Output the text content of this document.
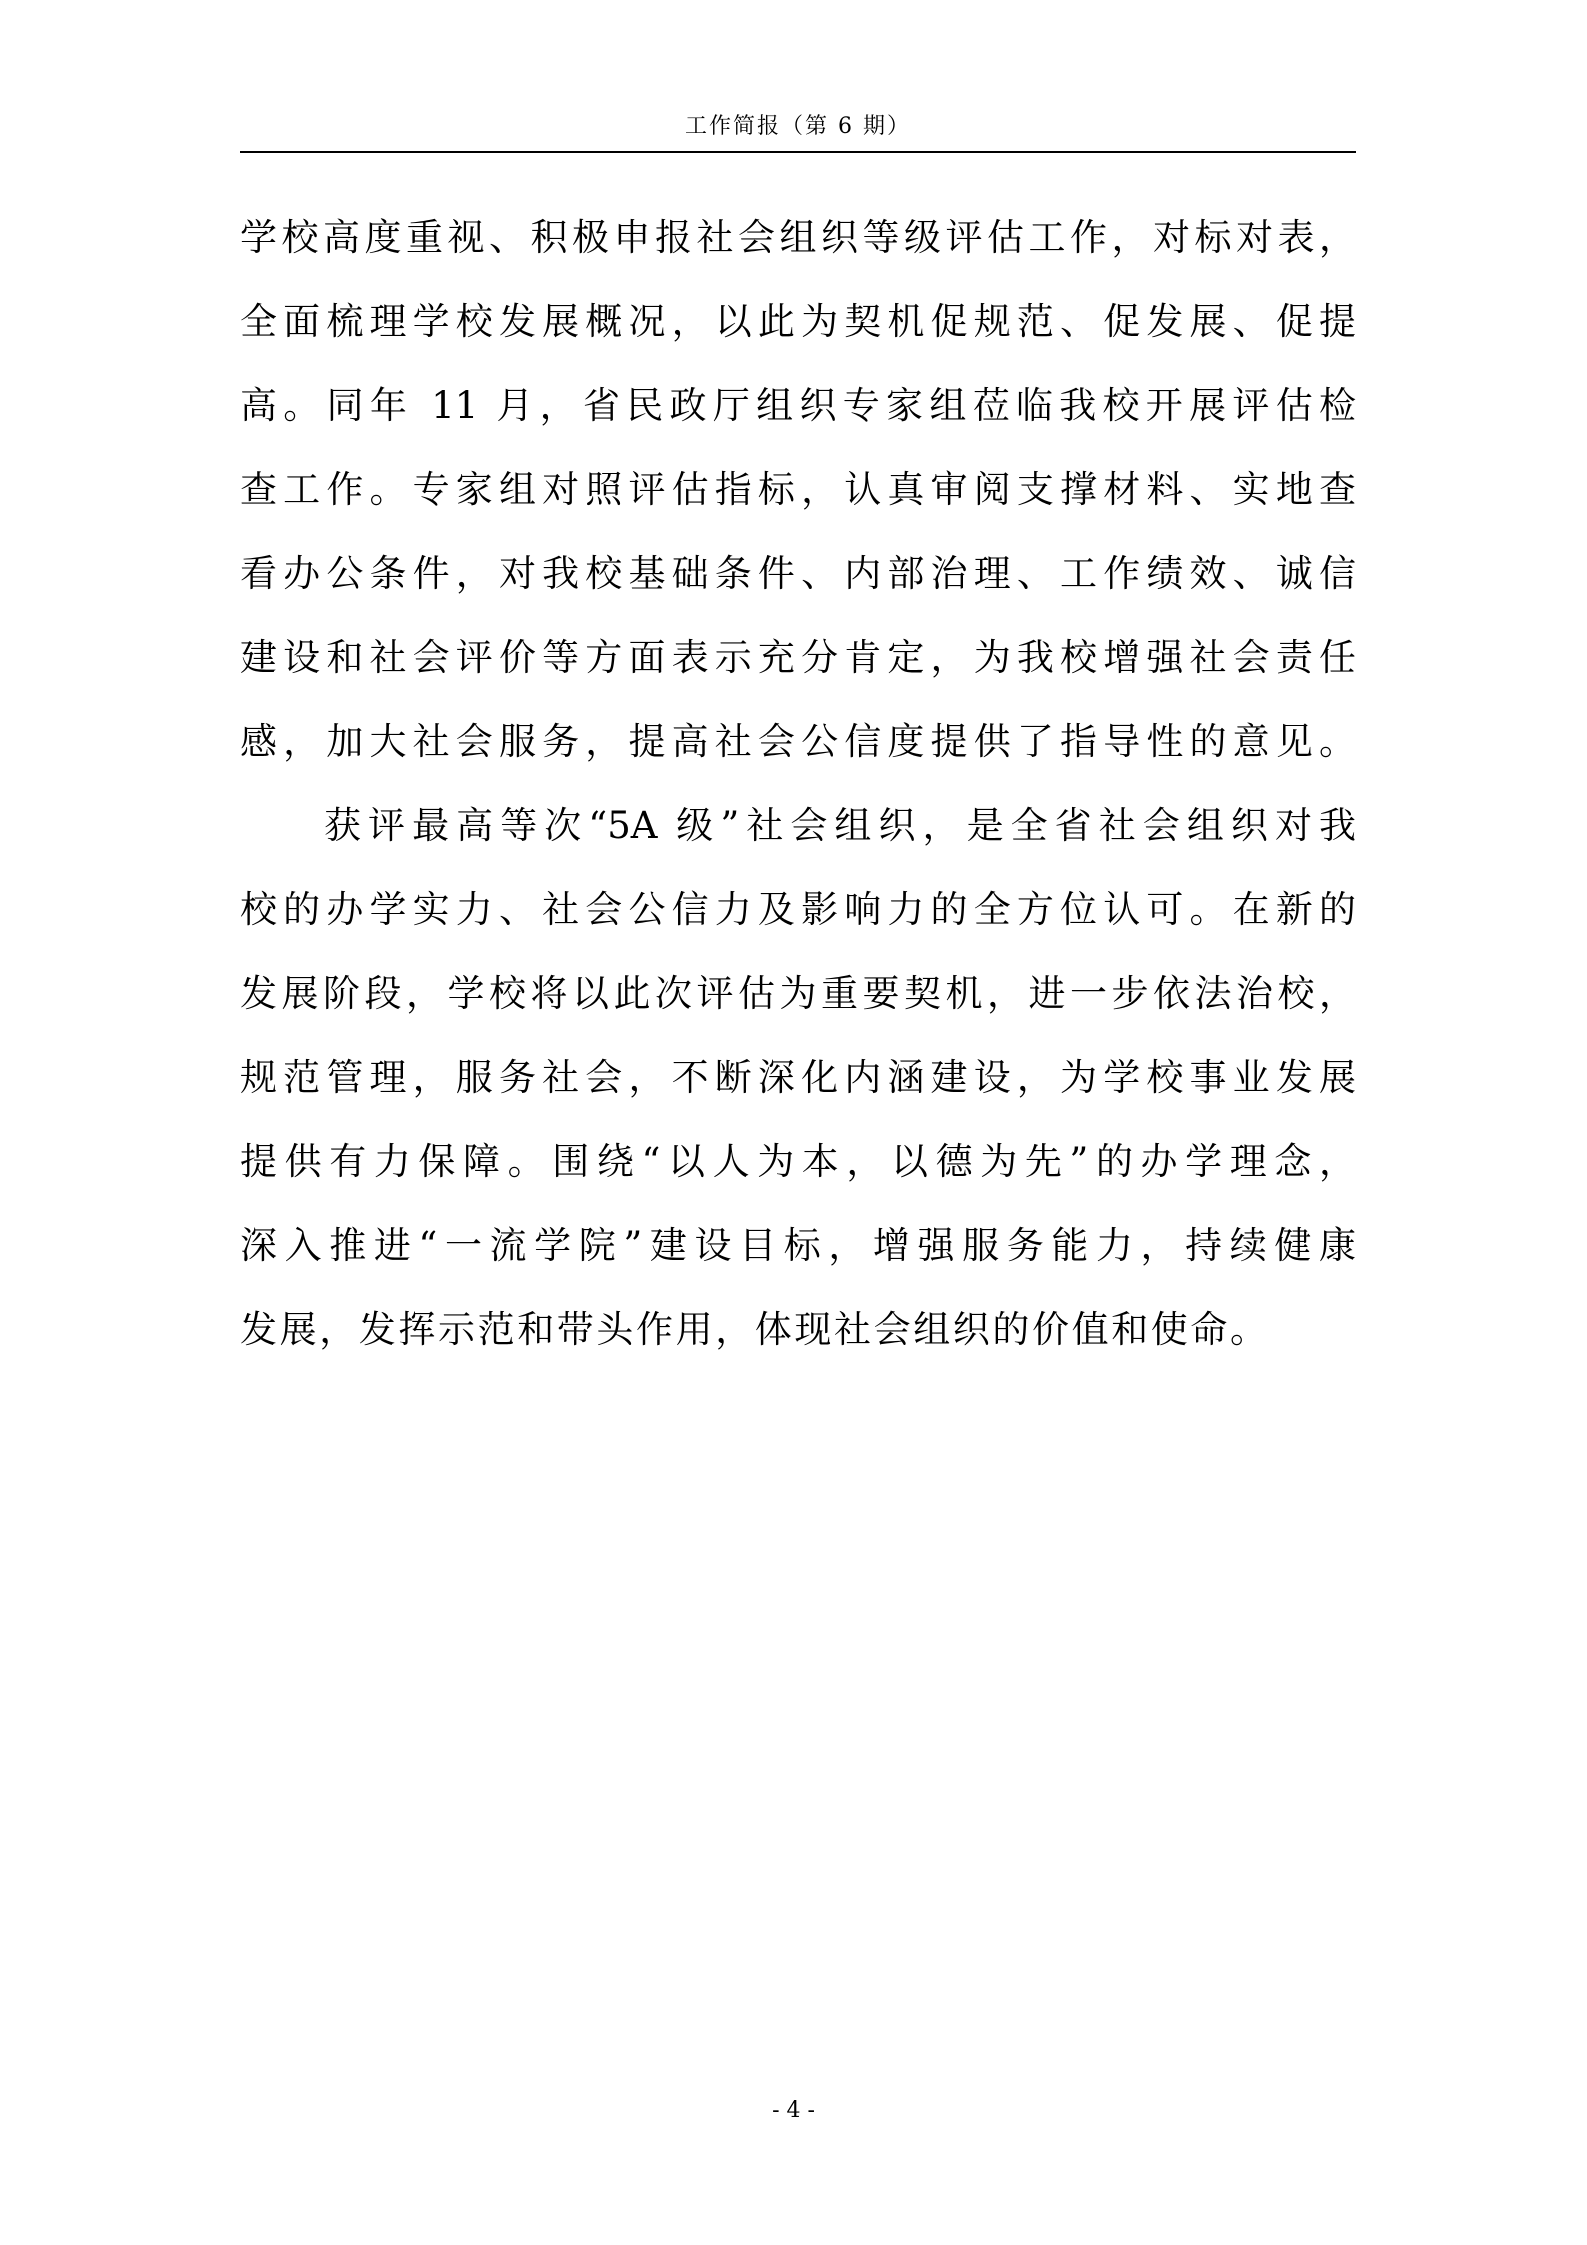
工作简报（第 6 期）
学校高度重视、积极申报社会组织等级评估工作，对标对表，
全面梳理学校发展概况，以此为契机促规范、促发展、促提
高。同年 11 月，省民政厅组织专家组莅临我校开展评估检
查工作。专家组对照评估指标，认真审阅支撑材料、实地查
看办公条件，对我校基础条件、内部治理、工作绩效、诚信
建设和社会评价等方面表示充分肯定，为我校增强社会责任
感，加大社会服务，提高社会公信度提供了指导性的意见。
获评最高等次“5A 级”社会组织，是全省社会组织对我
校的办学实力、社会公信力及影响力的全方位认可。在新的
发展阶段，学校将以此次评估为重要契机，进一步依法治校，
规范管理，服务社会，不断深化内涵建设，为学校事业发展
提供有力保障。围绕“以人为本，以德为先”的办学理念，
深入推进“一流学院”建设目标，增强服务能力，持续健康
发展，发挥示范和带头作用，体现社会组织的价值和使命。
- 4 -
